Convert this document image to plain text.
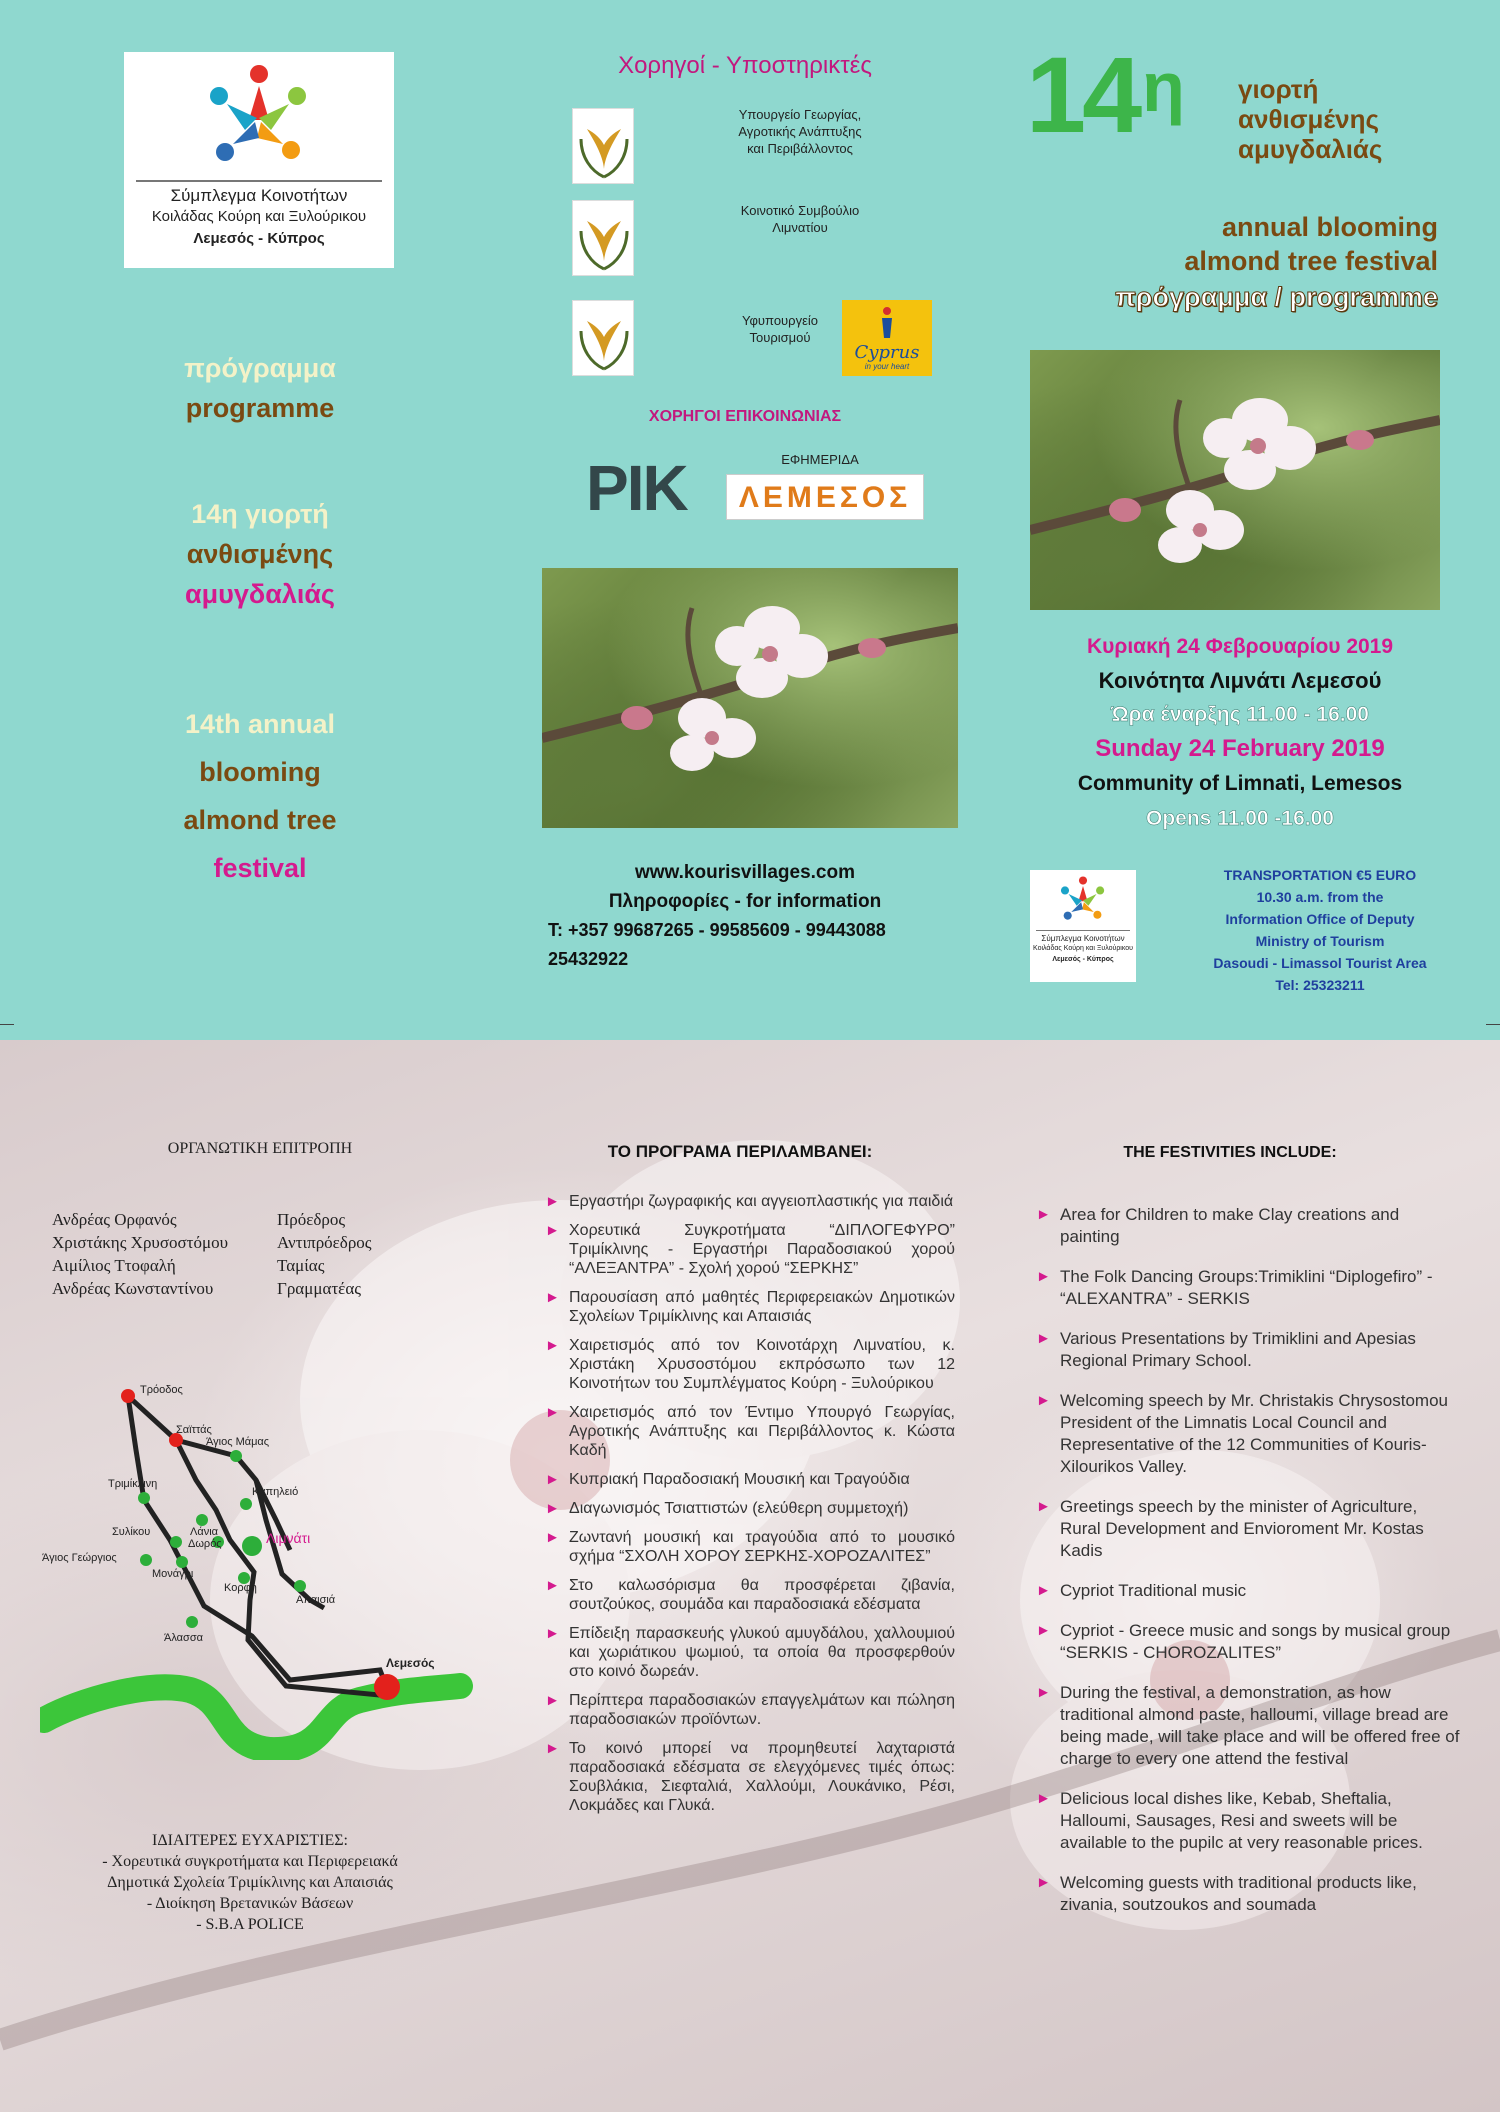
Σύμπλεγμα Κοινοτήτων
Κοιλάδας Κούρη και Ξυλούρικου
Λεμεσός - Κύπρος
πρόγραμμα
programme
14η γιορτή
ανθισμένης
αμυγδαλιάς
14th annual
blooming
almond tree
festival
Χορηγοί - Υποστηρικτές
Υπουργείο Γεωργίας,
Αγροτικής Ανάπτυξης
και Περιβάλλοντος
Κοινοτικό Συμβούλιο
Λιμνατίου
Υφυπουργείο
Τουρισμού
Cyprus
in your heart
ΧΟΡΗΓΟΙ ΕΠΙΚΟΙΝΩΝΙΑΣ
ΡΙΚ	ΕΦΗΜΕΡΙΔΑ
ΛΕΜΕΣΟΣ
www.kourisvillages.com
Πληροφορίες - for information
T: +357 99687265 - 99585609 - 99443088
25432922
$14^\eta$ γιορτή
ανθισμένης
αμυγδαλιάς
annual blooming
almond tree festival
πρόγραμμα / programme
Κυριακή 24 Φεβρουαρίου 2019
Κοινότητα Λιμνάτι Λεμεσού
Ώρα έναρξης 11.00 - 16.00
Sunday 24 February 2019
Community of Limnati, Lemesos
Opens 11.00 -16.00
Σύμπλεγμα Κοινοτήτων
Κοιλάδας Κούρη και Ξυλούρικου
Λεμεσός - Κύπρος
TRANSPORTATION €5 EURO
10.30 a.m. from the
Information Office of Deputy
Ministry of Tourism
Dasoudi - Limassol Tourist Area
Tel: 25323211
ΟΡΓΑΝΩΤΙΚΗ ΕΠΙΤΡΟΠΗ
Ανδρέας Ορφανός	Πρόεδρος
Χριστάκης Χρυσοστόμου	Αντιπρόεδρος
Αιμίλιος Ττοφαλή	Ταμίας
Ανδρέας Κωνσταντίνου	Γραμματέας
Τρόοδος
Σαϊττάς
Άγιος Μάμας
Τριμίκλινη
Καπηλειό
Συλίκου	Λάνια
Δωρός	Λιμνάτι
Άγιος Γεώργιος
Μονάγρι
Κορφή
Απαισιά
Άλασσα
Λεμεσός
ΙΔΙΑΙΤΕΡΕΣ ΕΥΧΑΡΙΣΤΙΕΣ:
- Χορευτικά συγκροτήματα και Περιφερειακά
Δημοτικά Σχολεία Τριμίκλινης και Απαισιάς
- Διοίκηση Βρετανικών Βάσεων
- S.B.A POLICE
ΤΟ ΠΡΟΓΡΑΜΑ ΠΕΡΙΛΑΜΒΑΝΕΙ:
► Εργαστήρι ζωγραφικής και αγγειοπλαστικής για παιδιά
► Χορευτικά Συγκροτήματα “ΔΙΠΛΟΓΕΦΥΡΟ” Τριμίκλινης - Εργαστήρι Παραδοσιακού χορού “ΑΛΕΞΑΝΤΡΑ” - Σχολή χορού “ΣΕΡΚΗΣ”
► Παρουσίαση από μαθητές Περιφερειακών Δημοτικών Σχολείων Τριμίκλινης και Απαισιάς
► Χαιρετισμός από τον Κοινοτάρχη Λιμνατίου, κ. Χριστάκη Χρυσοστόμου εκπρόσωπο των 12 Κοινοτήτων του Συμπλέγματος Κούρη - Ξυλούρικου
► Χαιρετισμός από τον Έντιμο Υπουργό Γεωργίας, Αγροτικής Ανάπτυξης και Περιβάλλοντος κ. Κώστα Καδή
► Κυπριακή Παραδοσιακή Μουσική και Τραγούδια
► Διαγωνισμός Τσιαττιστών (ελεύθερη συμμετοχή)
► Ζωντανή μουσική και τραγούδια από το μουσικό σχήμα “ΣΧΟΛΗ ΧΟΡΟΥ ΣΕΡΚΗΣ-ΧΟΡΟΖΑΛΙΤΕΣ”
► Στο καλωσόρισμα θα προσφέρεται ζιβανία, σουτζούκος, σουμάδα και παραδοσιακά εδέσματα
► Επίδειξη παρασκευής γλυκού αμυγδάλου, χαλλουμιού και χωριάτικου ψωμιού, τα οποία θα προσφερθούν στο κοινό δωρεάν.
► Περίπτερα παραδοσιακών επαγγελμάτων και πώληση παραδοσιακών προϊόντων.
► Το κοινό μπορεί να προμηθευτεί λαχταριστά παραδοσιακά εδέσματα σε ελεγχόμενες τιμές όπως: Σουβλάκια, Σιεφταλιά, Χαλλούμι, Λουκάνικο, Ρέσι, Λοκμάδες και Γλυκά.
THE FESTIVITIES INCLUDE:
► Area for Children to make Clay creations and painting
► The Folk Dancing Groups:Trimiklini “Diplogefiro” - “ALEXANTRA” - SERKIS
► Various Presentations by Trimiklini and Apesias Regional Primary School.
► Welcoming speech by Mr. Christakis Chrysostomou President of the Limnatis Local Council and Representative of the 12 Communities of Kouris-Xilourikos Valley.
► Greetings speech by the minister of Agriculture, Rural Development and Envioroment Mr. Kostas Kadis
► Cypriot Traditional music
► Cypriot - Greece music and songs by musical group “SERKIS - CHOROZALITES”
► During the festival, a demonstration, as how traditional almond paste, halloumi, village bread are being made, will take place and will be offered free of charge to every one attend the festival
► Delicious local dishes like, Kebab, Sheftalia, Halloumi, Sausages, Resi and sweets will be available to the pupilc at very reasonable prices.
► Welcoming guests with traditional products like, zivania, soutzoukos and soumada
